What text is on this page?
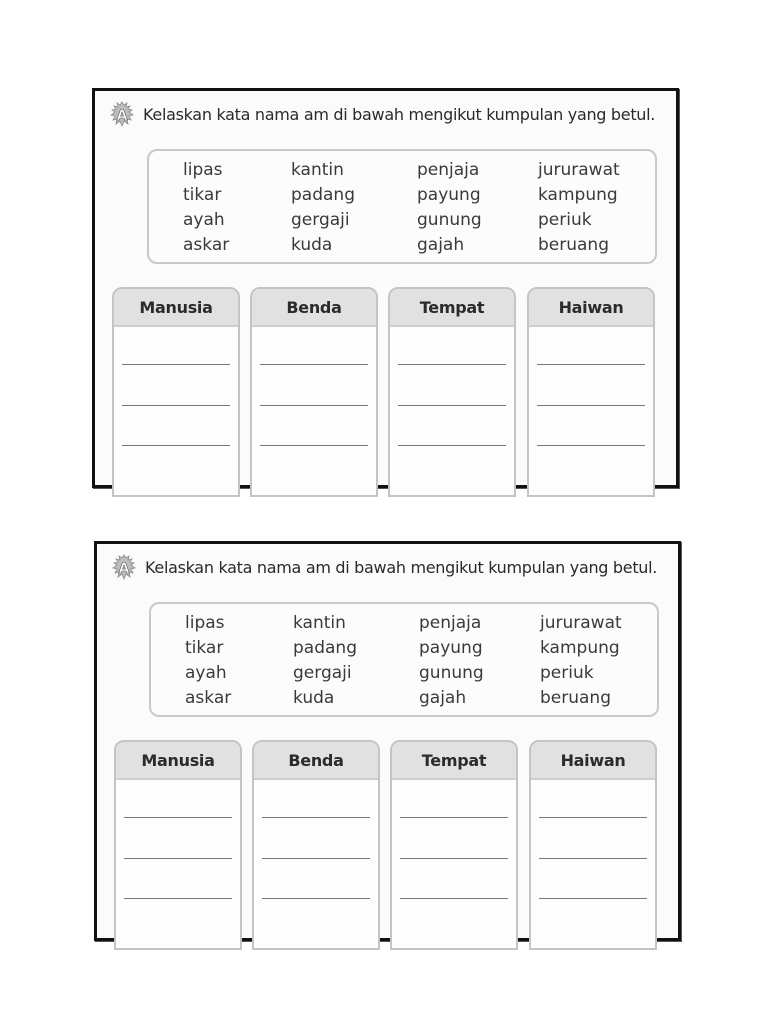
A Kelaskan kata nama am di bawah mengikut kumpulan yang betul.
lipas	kantin	penjaja	jururawat
tikar	padang	payung	kampung
ayah	gergaji	gunung	periuk
askar	kuda	gajah	beruang
Manusia	Benda	Tempat	Haiwan
A Kelaskan kata nama am di bawah mengikut kumpulan yang betul.
lipas	kantin	penjaja	jururawat
tikar	padang	payung	kampung
ayah	gergaji	gunung	periuk
askar	kuda	gajah	beruang
Manusia	Benda	Tempat	Haiwan
